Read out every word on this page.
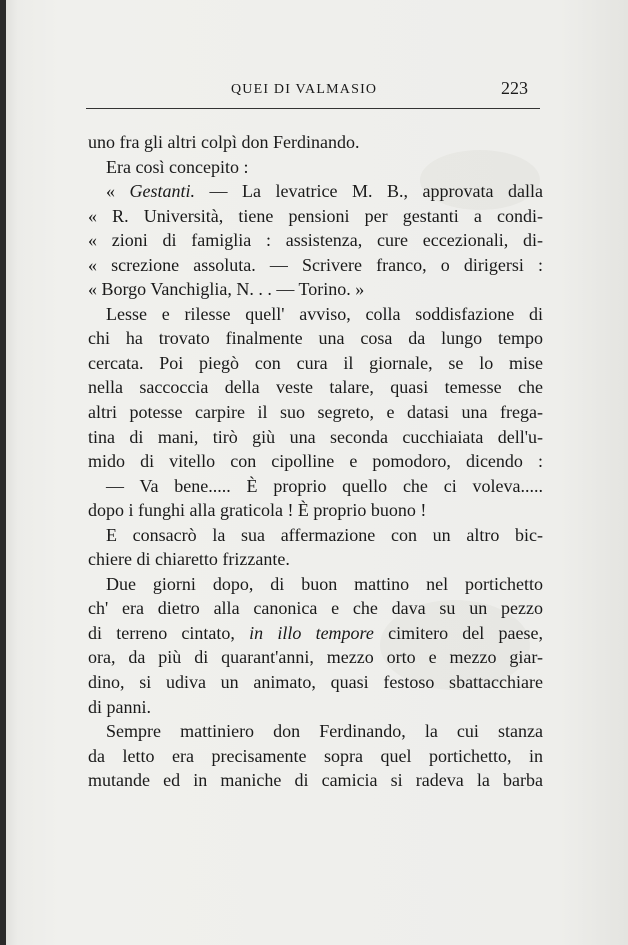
QUEI DI VALMASIO	223
uno fra gli altri colpì don Ferdinando.
Era così concepito :
« Gestanti. — La levatrice M. B., approvata dalla
« R. Università, tiene pensioni per gestanti a condi-
« zioni di famiglia : assistenza, cure eccezionali, di-
« screzione assoluta. — Scrivere franco, o dirigersi :
« Borgo Vanchiglia, N. . . — Torino. »
Lesse e rilesse quell' avviso, colla soddisfazione di
chi ha trovato finalmente una cosa da lungo tempo
cercata. Poi piegò con cura il giornale, se lo mise
nella saccoccia della veste talare, quasi temesse che
altri potesse carpire il suo segreto, e datasi una frega-
tina di mani, tirò giù una seconda cucchiaiata dell'u-
mido di vitello con cipolline e pomodoro, dicendo :
— Va bene..... È proprio quello che ci voleva.....
dopo i funghi alla graticola ! È proprio buono !
E consacrò la sua affermazione con un altro bic-
chiere di chiaretto frizzante.
Due giorni dopo, di buon mattino nel portichetto
ch' era dietro alla canonica e che dava su un pezzo
di terreno cintato, in illo tempore cimitero del paese,
ora, da più di quarant'anni, mezzo orto e mezzo giar-
dino, si udiva un animato, quasi festoso sbattacchiare
di panni.
Sempre mattiniero don Ferdinando, la cui stanza
da letto era precisamente sopra quel portichetto, in
mutande ed in maniche di camicia si radeva la barba
